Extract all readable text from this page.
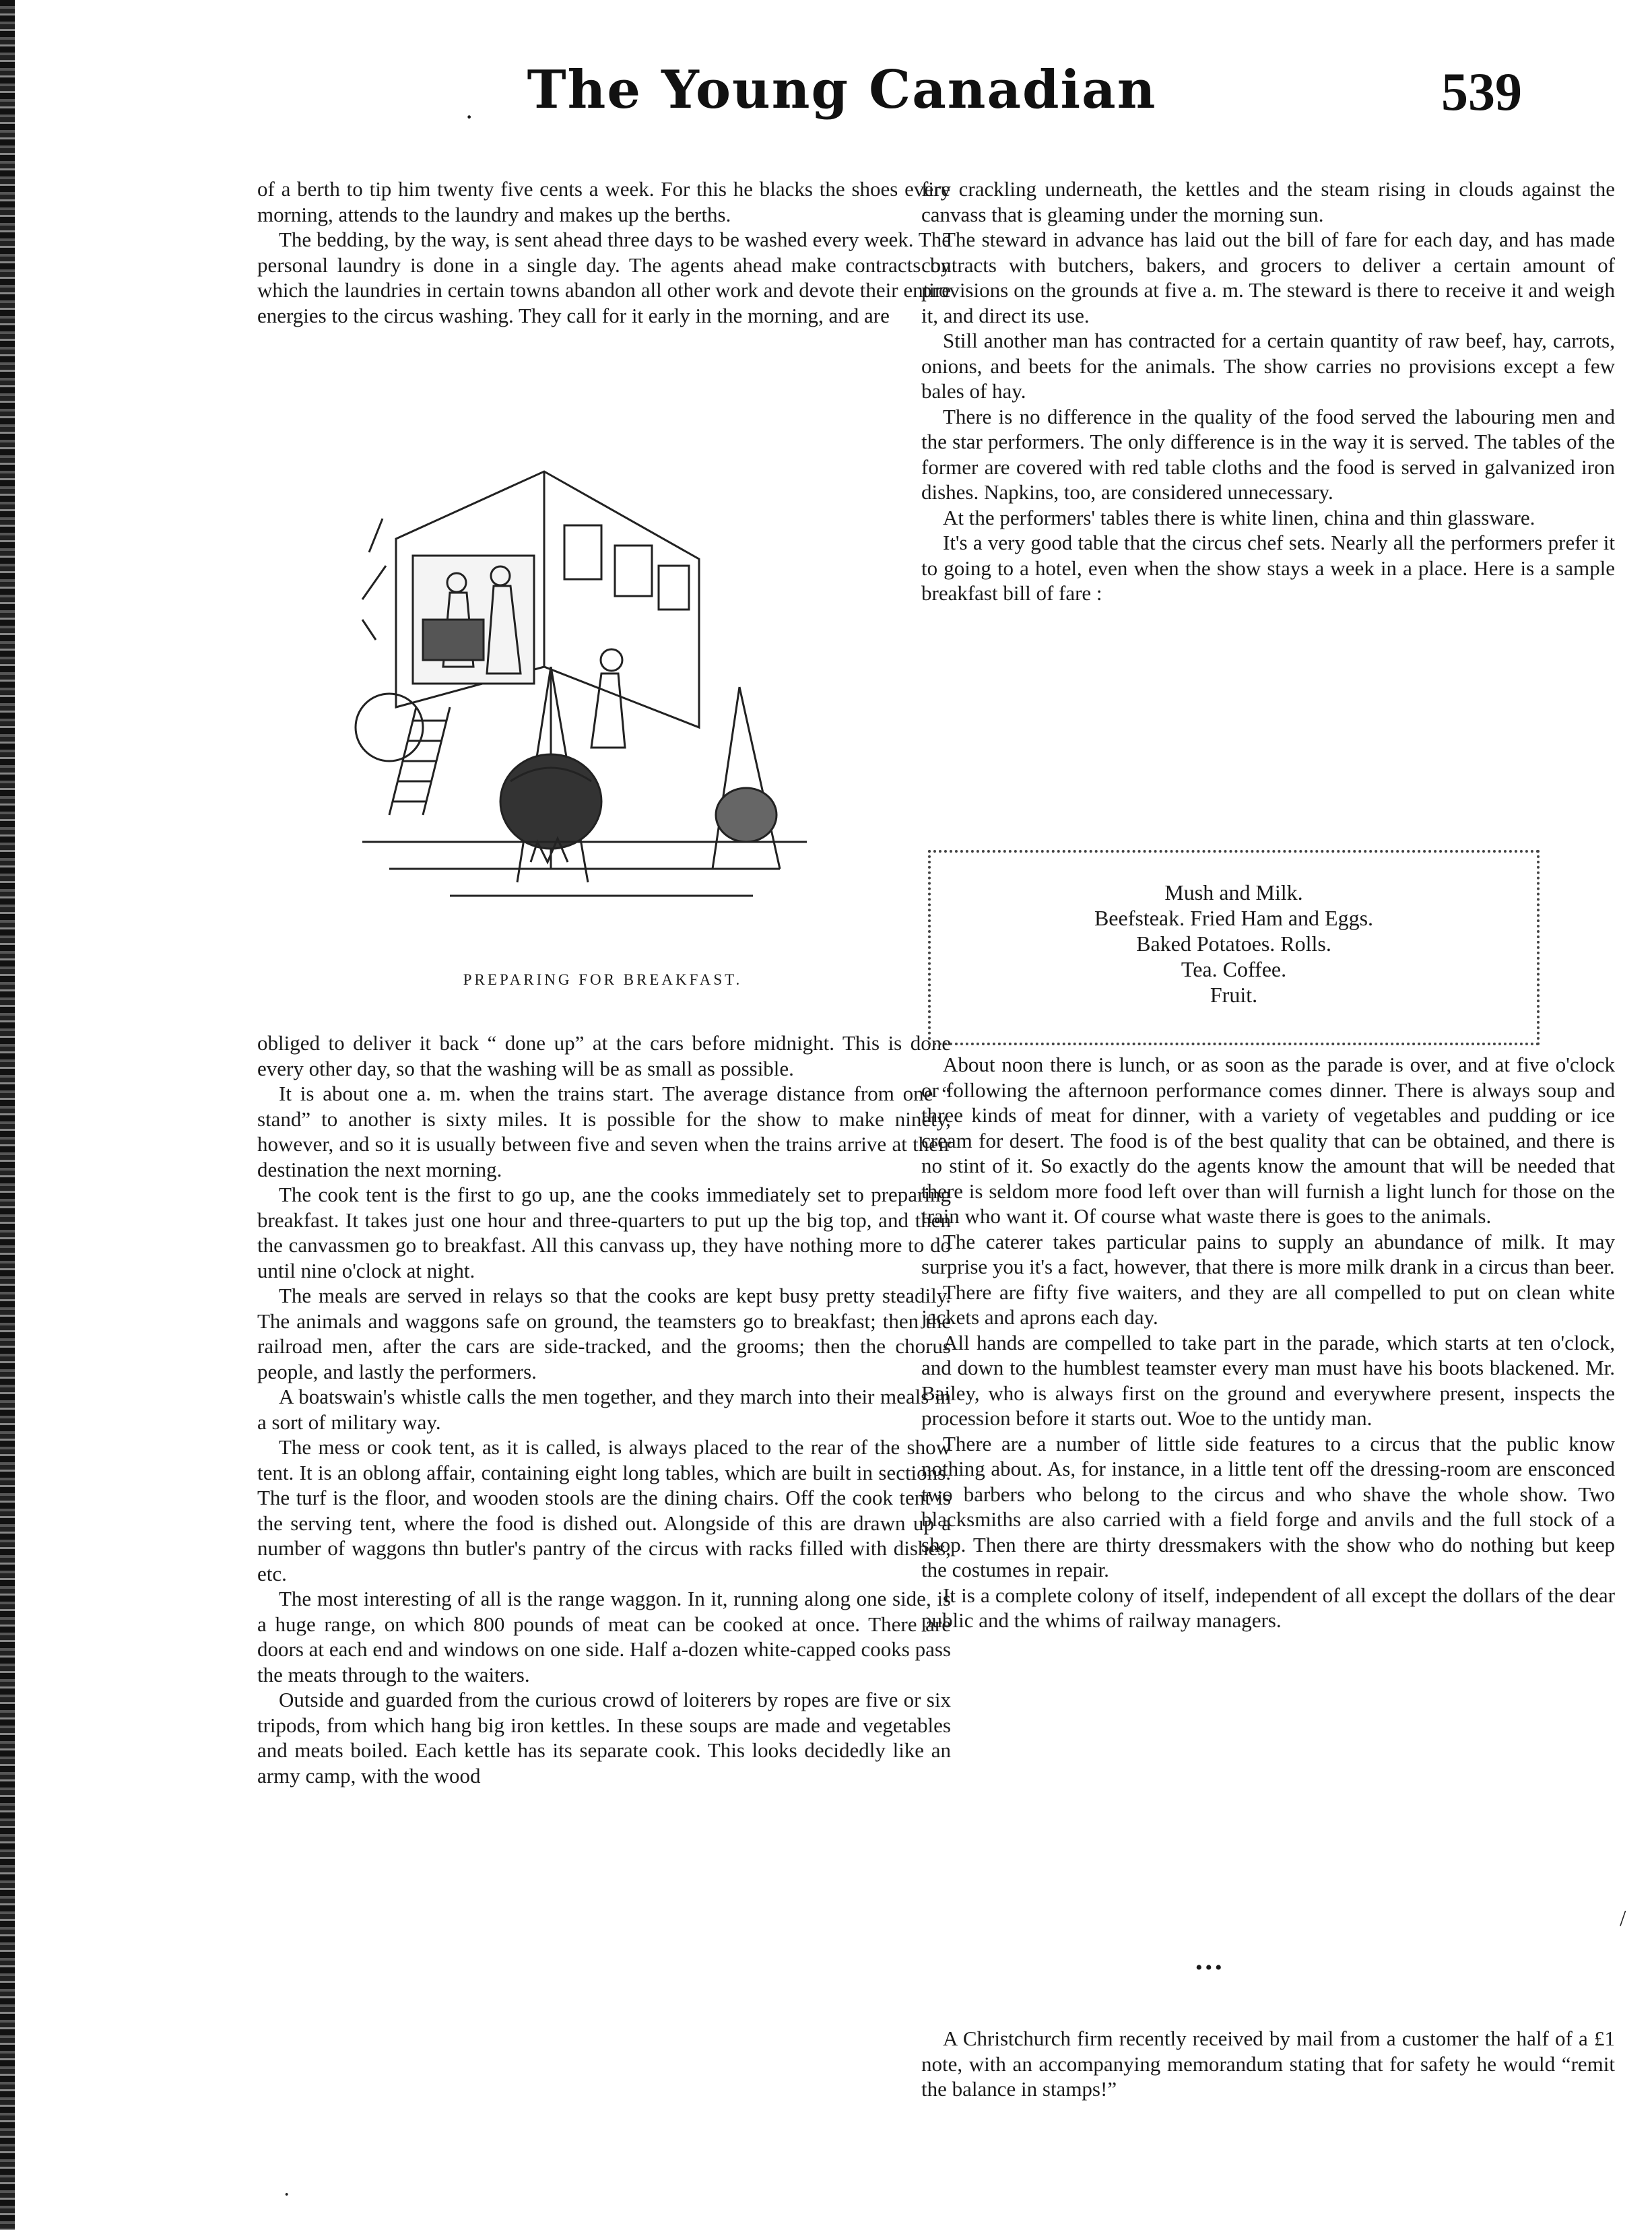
·	The Young Canadian	539

of a berth to tip him twenty five cents a week. For this he blacks the shoes every morning, attends to the laundry and makes up the berths.

The bedding, by the way, is sent ahead three days to be washed every week. The personal laundry is done in a single day. The agents ahead make contracts by which the laundries in certain towns abandon all other work and devote their entire energies to the circus washing. They call for it early in the morning, and are

PREPARING FOR BREAKFAST.

obliged to deliver it back “ done up” at the cars before midnight. This is done every other day, so that the washing will be as small as possible.

It is about one a. m. when the trains start. The average distance from one “ stand” to another is sixty miles. It is possible for the show to make ninety, however, and so it is usually between five and seven when the trains arrive at their destination the next morning.

The cook tent is the first to go up, ane the cooks immediately set to preparing breakfast. It takes just one hour and three-quarters to put up the big top, and then the canvassmen go to breakfast. All this canvass up, they have nothing more to do until nine o'clock at night.

The meals are served in relays so that the cooks are kept busy pretty steadily. The animals and waggons safe on ground, the teamsters go to breakfast; then the railroad men, after the cars are side-tracked, and the grooms; then the chorus people, and lastly the performers.

A boatswain's whistle calls the men together, and they march into their meals in a sort of military way.

The mess or cook tent, as it is called, is always placed to the rear of the show tent. It is an oblong affair, containing eight long tables, which are built in sections. The turf is the floor, and wooden stools are the dining chairs. Off the cook tent is the serving tent, where the food is dished out. Alongside of this are drawn up a number of waggons thn butler's pantry of the circus with racks filled with dishes, etc.

The most interesting of all is the range waggon. In it, running along one side, is a huge range, on which 800 pounds of meat can be cooked at once. There are doors at each end and windows on one side. Half a-dozen white-capped cooks pass the meats through to the waiters.

Outside and guarded from the curious crowd of loiterers by ropes are five or six tripods, from which hang big iron kettles. In these soups are made and vegetables and meats boiled. Each kettle has its separate cook. This looks decidedly like an army camp, with the wood

fire crackling underneath, the kettles and the steam rising in clouds against the canvass that is gleaming under the morning sun.

The steward in advance has laid out the bill of fare for each day, and has made contracts with butchers, bakers, and grocers to deliver a certain amount of provisions on the grounds at five a. m. The steward is there to receive it and weigh it, and direct its use.

Still another man has contracted for a certain quantity of raw beef, hay, carrots, onions, and beets for the animals. The show carries no provisions except a few bales of hay.

There is no difference in the quality of the food served the labouring men and the star performers. The only difference is in the way it is served. The tables of the former are covered with red table cloths and the food is served in galvanized iron dishes. Napkins, too, are considered unnecessary.

At the performers' tables there is white linen, china and thin glassware.

It's a very good table that the circus chef sets. Nearly all the performers prefer it to going to a hotel, even when the show stays a week in a place. Here is a sample breakfast bill of fare :

Mush and Milk.
Beefsteak. Fried Ham and Eggs.
Baked Potatoes. Rolls.
Tea. Coffee.
Fruit.

About noon there is lunch, or as soon as the parade is over, and at five o'clock or following the afternoon performance comes dinner. There is always soup and three kinds of meat for dinner, with a variety of vegetables and pudding or ice cream for desert. The food is of the best quality that can be obtained, and there is no stint of it. So exactly do the agents know the amount that will be needed that there is seldom more food left over than will furnish a light lunch for those on the train who want it. Of course what waste there is goes to the animals.

The caterer takes particular pains to supply an abundance of milk. It may surprise you it's a fact, however, that there is more milk drank in a circus than beer.

There are fifty five waiters, and they are all compelled to put on clean white jackets and aprons each day.

All hands are compelled to take part in the parade, which starts at ten o'clock, and down to the humblest teamster every man must have his boots blackened. Mr. Bailey, who is always first on the ground and everywhere present, inspects the procession before it starts out. Woe to the untidy man.

There are a number of little side features to a circus that the public know nothing about. As, for instance, in a little tent off the dressing-room are ensconced two barbers who belong to the circus and who shave the whole show. Two blacksmiths are also carried with a field forge and anvils and the full stock of a shop. Then there are thirty dressmakers with the show who do nothing but keep the costumes in repair.

It is a complete colony of itself, independent of all except the dollars of the dear public and the whims of railway managers.

•••

A Christchurch firm recently received by mail from a customer the half of a £1 note, with an accompanying memorandum stating that for safety he would “remit the balance in stamps!”

/
·
